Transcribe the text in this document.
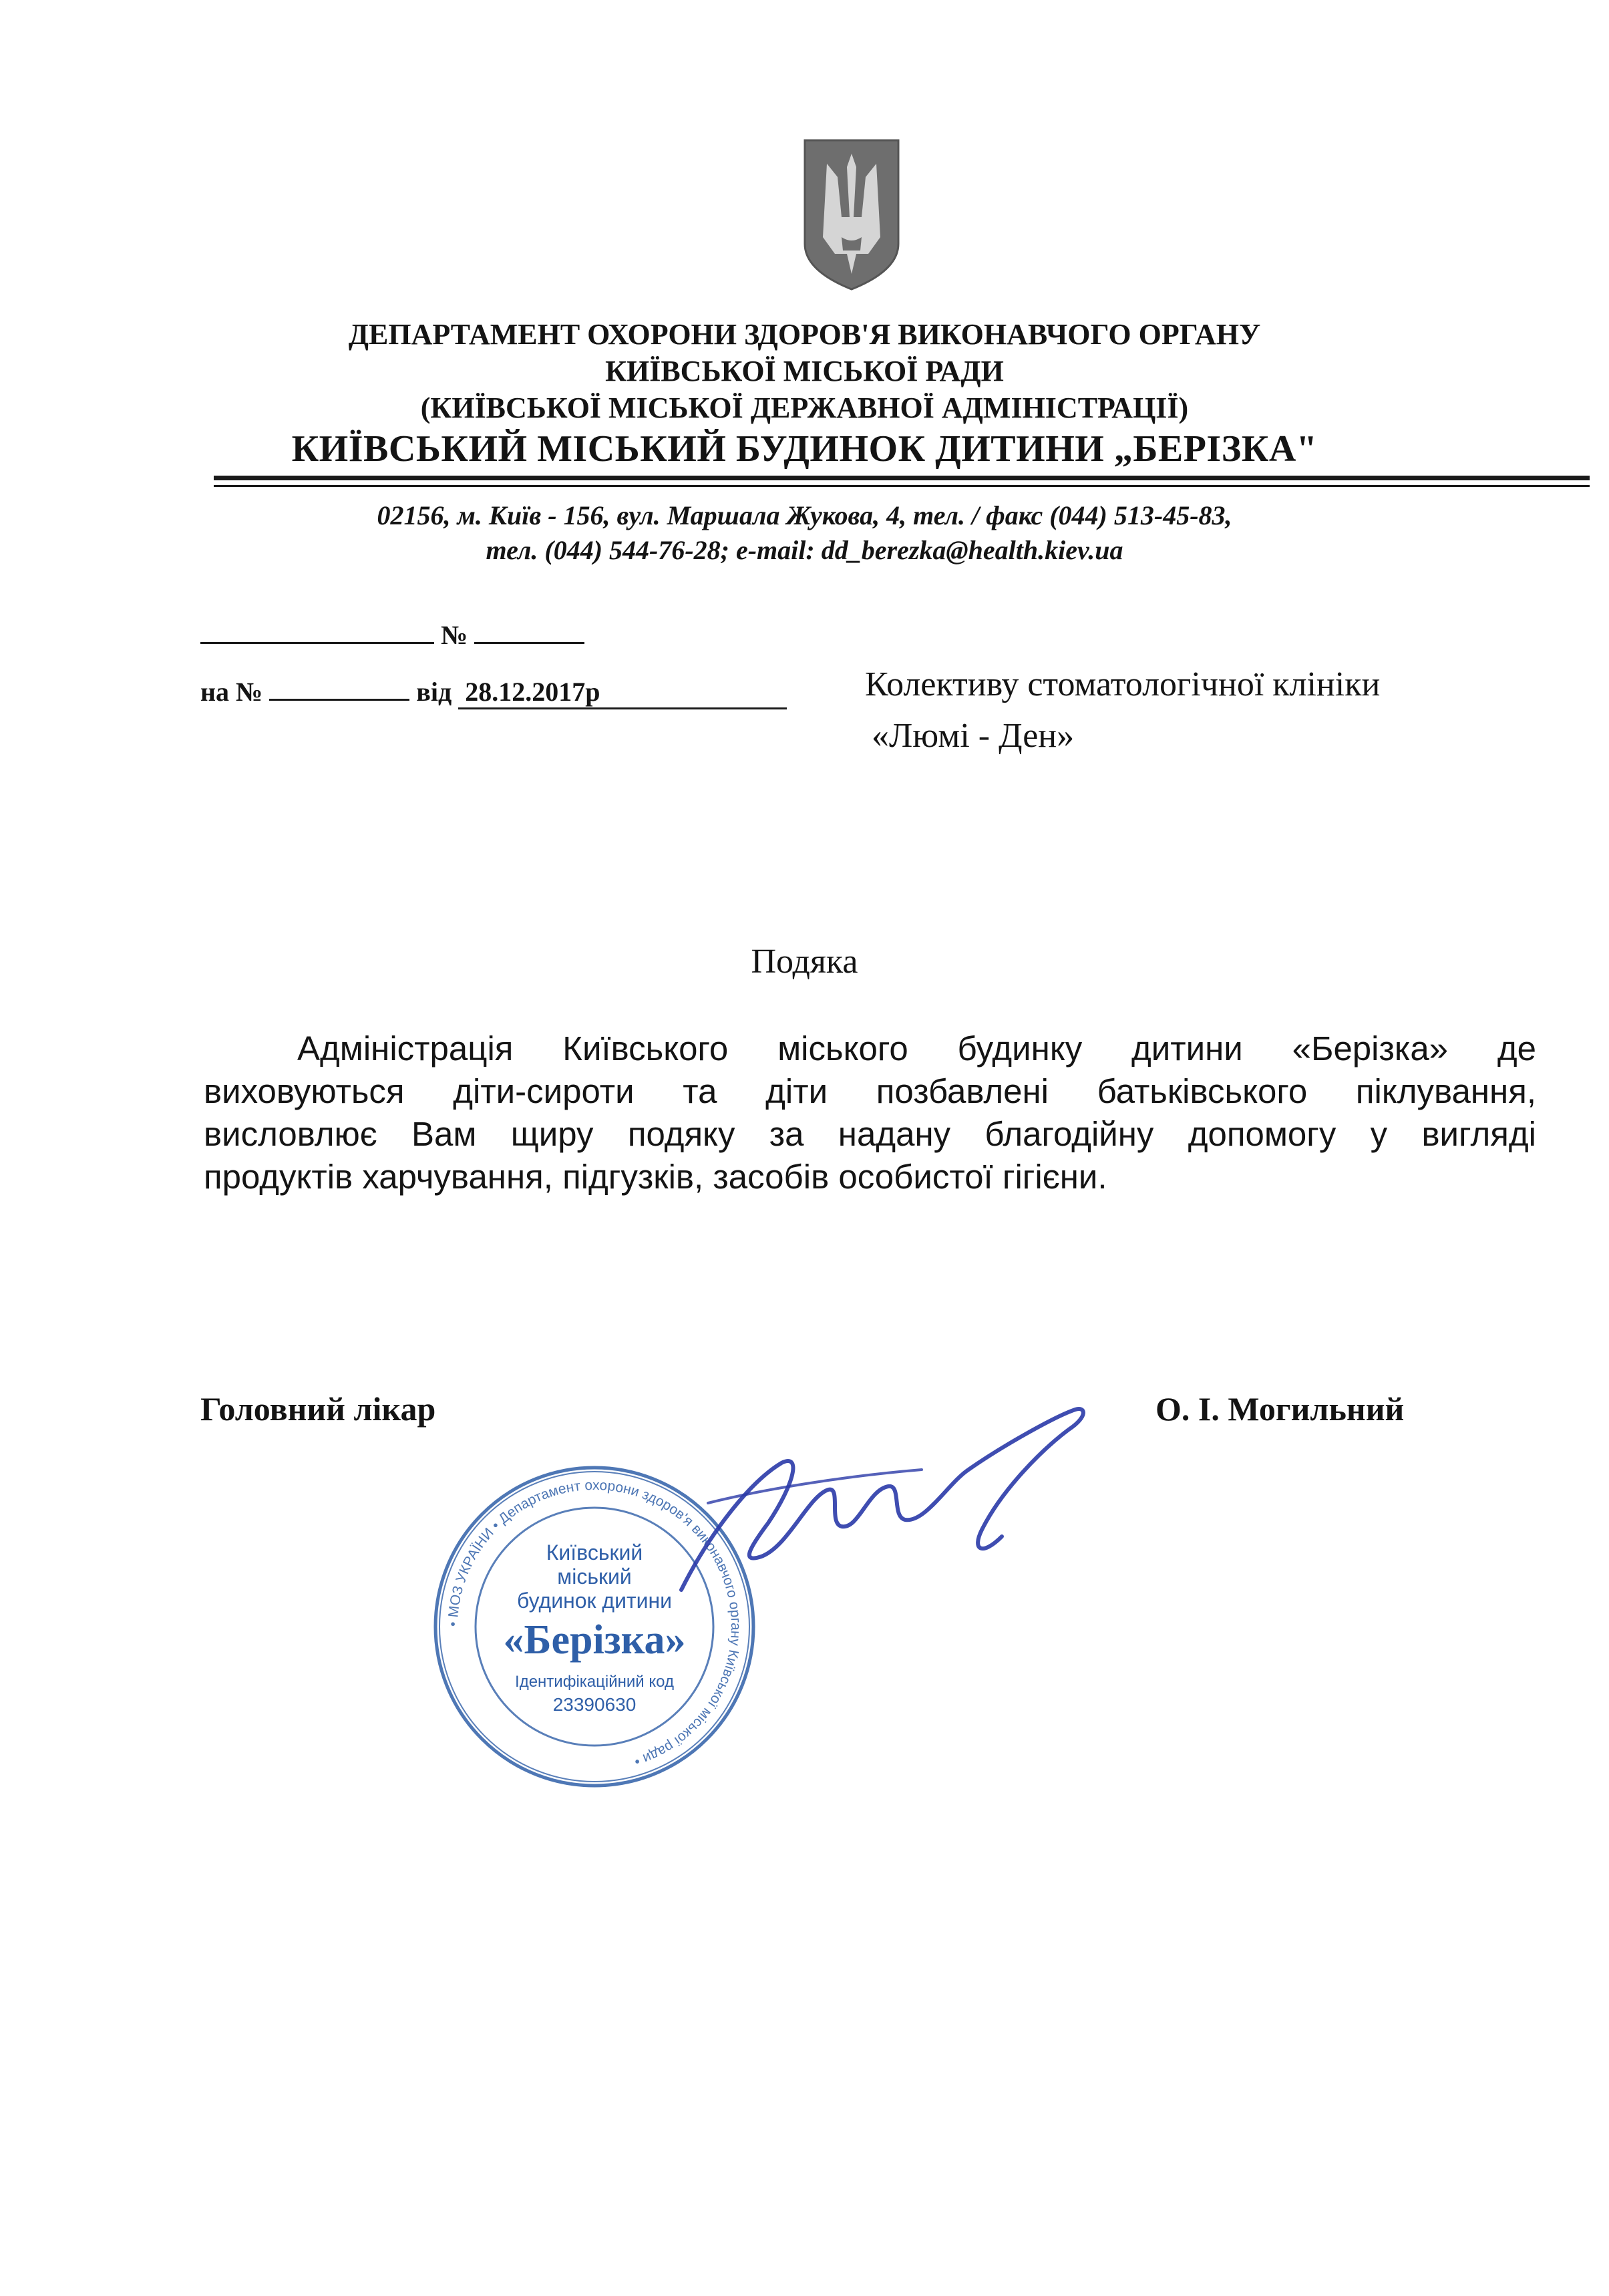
ДЕПАРТАМЕНТ ОХОРОНИ ЗДОРОВ'Я ВИКОНАВЧОГО ОРГАНУ
КИЇВСЬКОЇ МІСЬКОЇ РАДИ
(КИЇВСЬКОЇ МІСЬКОЇ ДЕРЖАВНОЇ АДМІНІСТРАЦІЇ)
КИЇВСЬКИЙ МІСЬКИЙ БУДИНОК ДИТИНИ „БЕРІЗКА"
02156, м. Київ - 156, вул. Маршала Жукова, 4, тел. / факс (044) 513-45-83,
тел. (044) 544-76-28; e-mail: dd_berezka@health.kiev.ua
№
на №	від 28.12.2017р	Колективу стоматологічної клініки
«Люмі - Ден»
Подяка
Адміністрація Київського міського будинку дитини «Берізка» де
виховуються діти-сироти та діти позбавлені батьківського піклування,
висловлює Вам щиру подяку за надану благодійну допомогу у вигляді
продуктів харчування, підгузків, засобів особистої гігієни.
Головний лікар	О. І. Могильний
• МОЗ УКРАЇНИ • Департамент охорони здоров'я виконавчого органу Київської міської ради •
Київський
міський
будинок дитини
«Берізка»
Ідентифікаційний код
23390630
